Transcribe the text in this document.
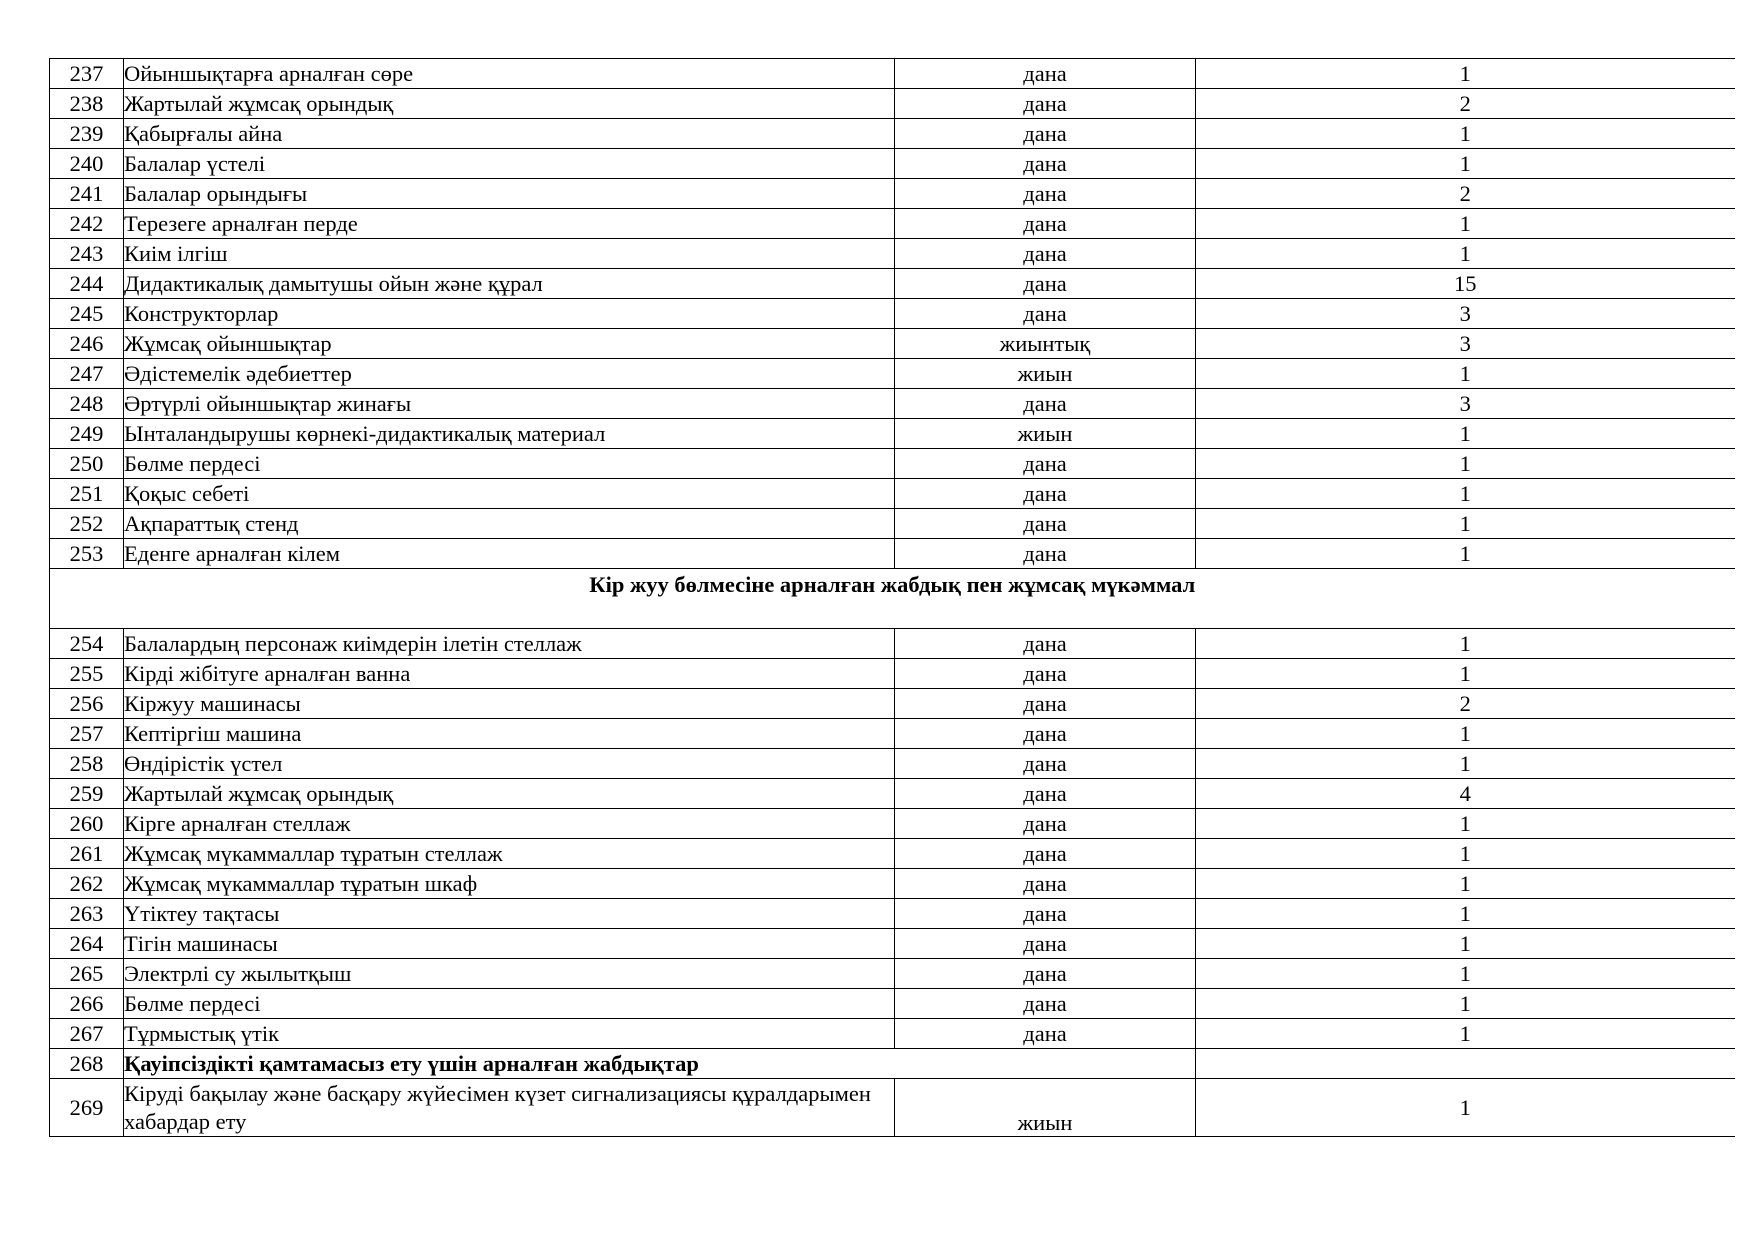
237	Ойыншықтарға арналған сөре	дана	1
238	Жартылай жұмсақ орындық	дана	2
239	Қабырғалы айна	дана	1
240	Балалар үстелі	дана	1
241	Балалар орындығы	дана	2
242	Терезеге арналған перде	дана	1
243	Киім ілгіш	дана	1
244	Дидактикалық дамытушы ойын және құрал	дана	15
245	Конструкторлар	дана	3
246	Жұмсақ ойыншықтар	жиынтық	3
247	Әдістемелік әдебиеттер	жиын	1
248	Әртүрлі ойыншықтар жинағы	дана	3
249	Ынталандырушы көрнекі-дидактикалық материал	жиын	1
250	Бөлме пердесі	дана	1
251	Қоқыс себеті	дана	1
252	Ақпараттық стенд	дана	1
253	Еденге арналған кілем	дана	1
Кір жуу бөлмесіне арналған жабдық пен жұмсақ мүкәммал			
254	Балалардың персонаж киімдерін ілетін стеллаж	дана	1
255	Кірді жібітуге арналған ванна	дана	1
256	Кіржуу машинасы	дана	2
257	Кептіргіш машина	дана	1
258	Өндірістік үстел	дана	1
259	Жартылай жұмсақ орындық	дана	4
260	Кірге арналған стеллаж	дана	1
261	Жұмсақ мүкаммаллар тұратын стеллаж	дана	1
262	Жұмсақ мүкаммаллар тұратын шкаф	дана	1
263	Үтіктеу тақтасы	дана	1
264	Тігін машинасы	дана	1
265	Электрлі су жылытқыш	дана	1
266	Бөлме пердесі	дана	1
267	Тұрмыстық үтік	дана	1
268	Қауіпсіздікті қамтамасыз ету үшін арналған жабдықтар		
269	Кіруді бақылау және басқару жүйесімен күзет сигнализациясы құралдарымен хабардар ету	жиын	1
